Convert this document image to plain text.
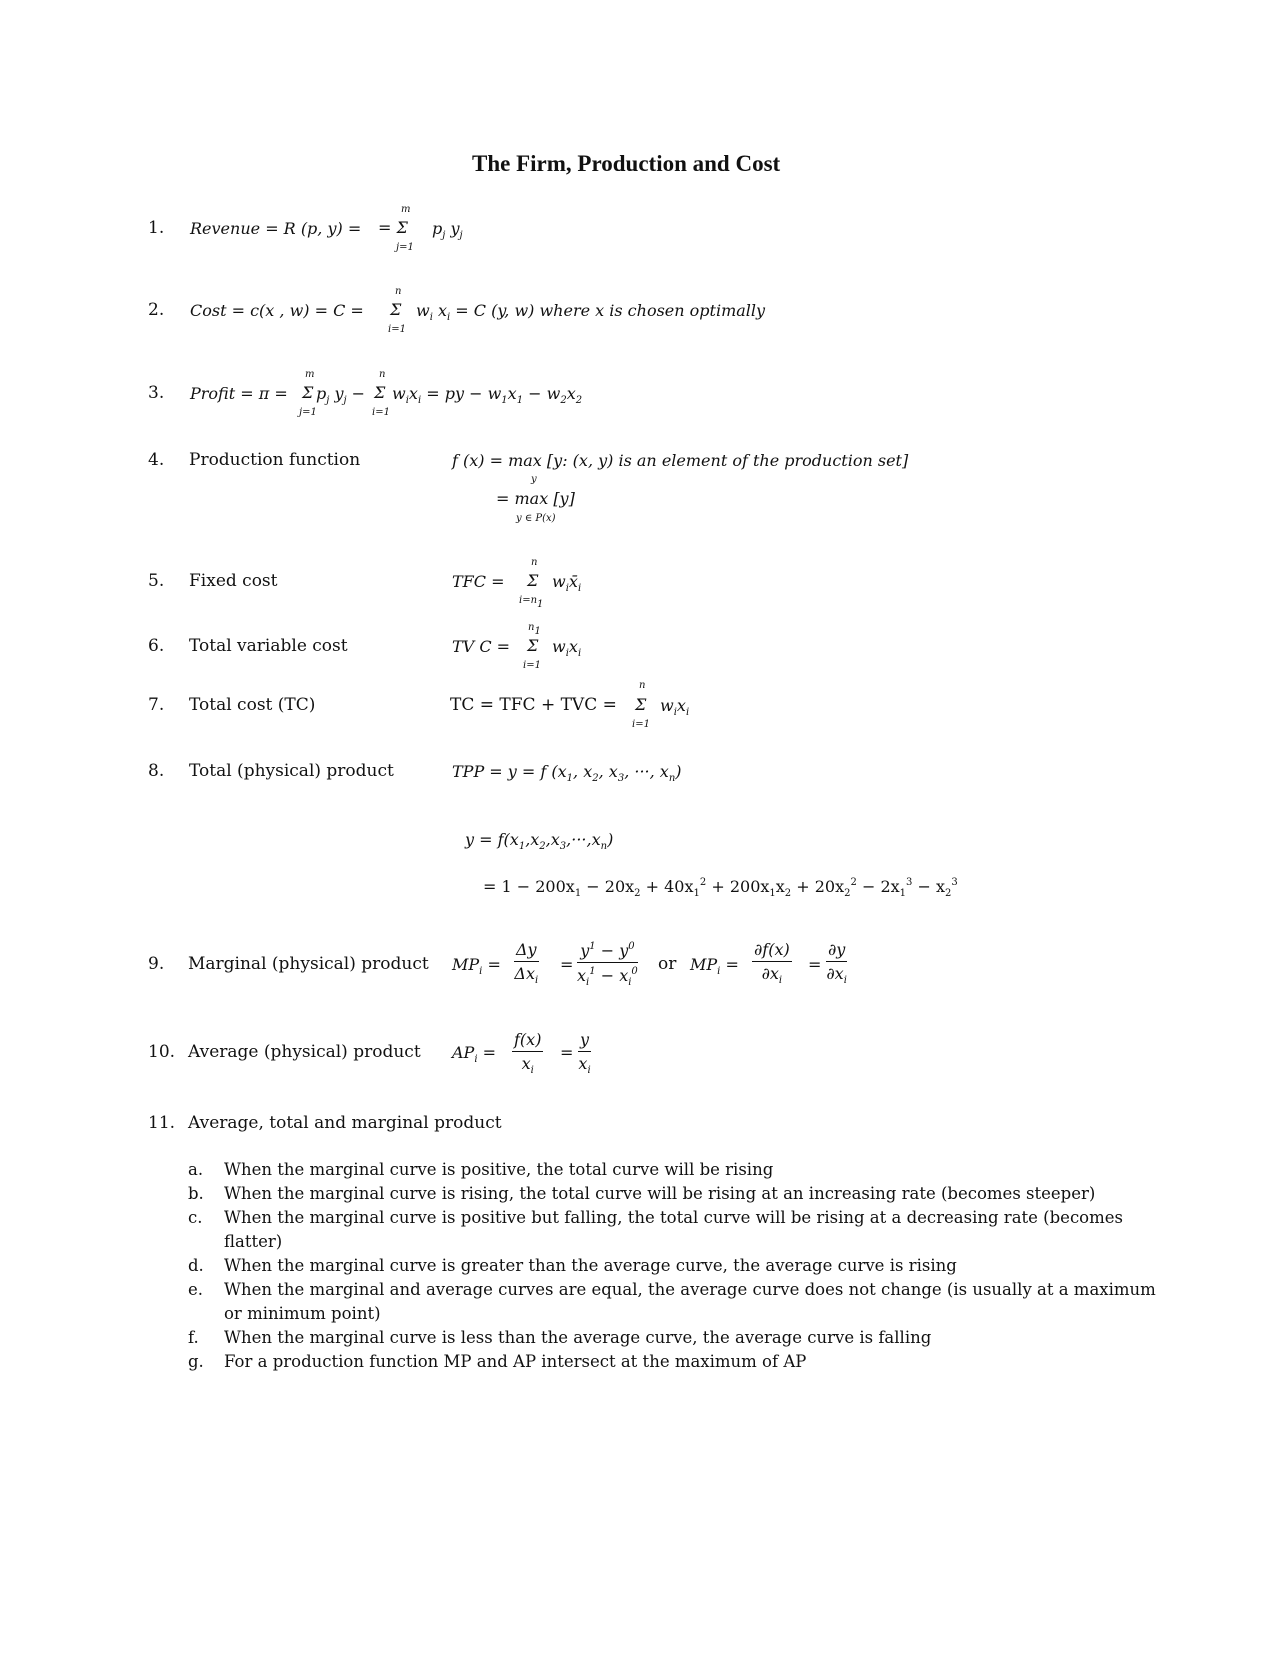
The Firm, Production and Cost
1. Revenue = R (p, y) =
m
= Σ
j=1
$p_j$ $y_j$
2. Cost = c(x , w) = C =
n
Σ
i=1
$w_i$ $x_i = C$ (y, w) where x is chosen optimally
3. Profit = π =
m
Σ
j=1
$p_j$ $y_j$ −
n
Σ
i=1
$w_ix_i$ = py − $w_1x_1 - w_2x_2$
4. Production function	f (x) = max [y: (x, y) is an element of the production set]
y
= max [y]
y ∈ P(x)
5. Fixed cost	TFC =
n
Σ
$i=n_1$
$w_ix̄_i$
6. Total variable cost	TV C =
$n_1$
Σ
i=1
$w_ix_i$
7. Total cost (TC)	TC = TFC + TVC =
n
Σ
i=1
$w_ix_i$
8. Total (physical) product	TPP = y = f ($x_1$, $x_2$, $x_3$, ···, $x_n$)
$y = f(x_1,x_2,x_3,\cdot\cdot\cdot,x_n)$
= $1 - 200x_1 - 20x_2 + 40x_1^2 + 200x_1x_2 + 20x_2^2 - 2x_1^3 - x_2^3$
9. Marginal (physical) product $MP_i$ =
Δy
$\Delta x_i$
= $\frac{y^1 - y^0}{x_i^1 - x_i^0}$ or $MP_i = \frac{\partial f(x)}{\partial x_i} = \frac{\partial y}{\partial x_i}$
10. Average (physical) product $AP_i = \frac{f(x)}{x_i} = \frac{y}{x_i}$
11. Average, total and marginal product
a. When the marginal curve is positive, the total curve will be rising
b. When the marginal curve is rising, the total curve will be rising at an increasing rate (becomes steeper)
c. When the marginal curve is positive but falling, the total curve will be rising at a decreasing rate (becomes
flatter)
d. When the marginal curve is greater than the average curve, the average curve is rising
e. When the marginal and average curves are equal, the average curve does not change (is usually at a maximum
or minimum point)
f. When the marginal curve is less than the average curve, the average curve is falling
g. For a production function MP and AP intersect at the maximum of AP
